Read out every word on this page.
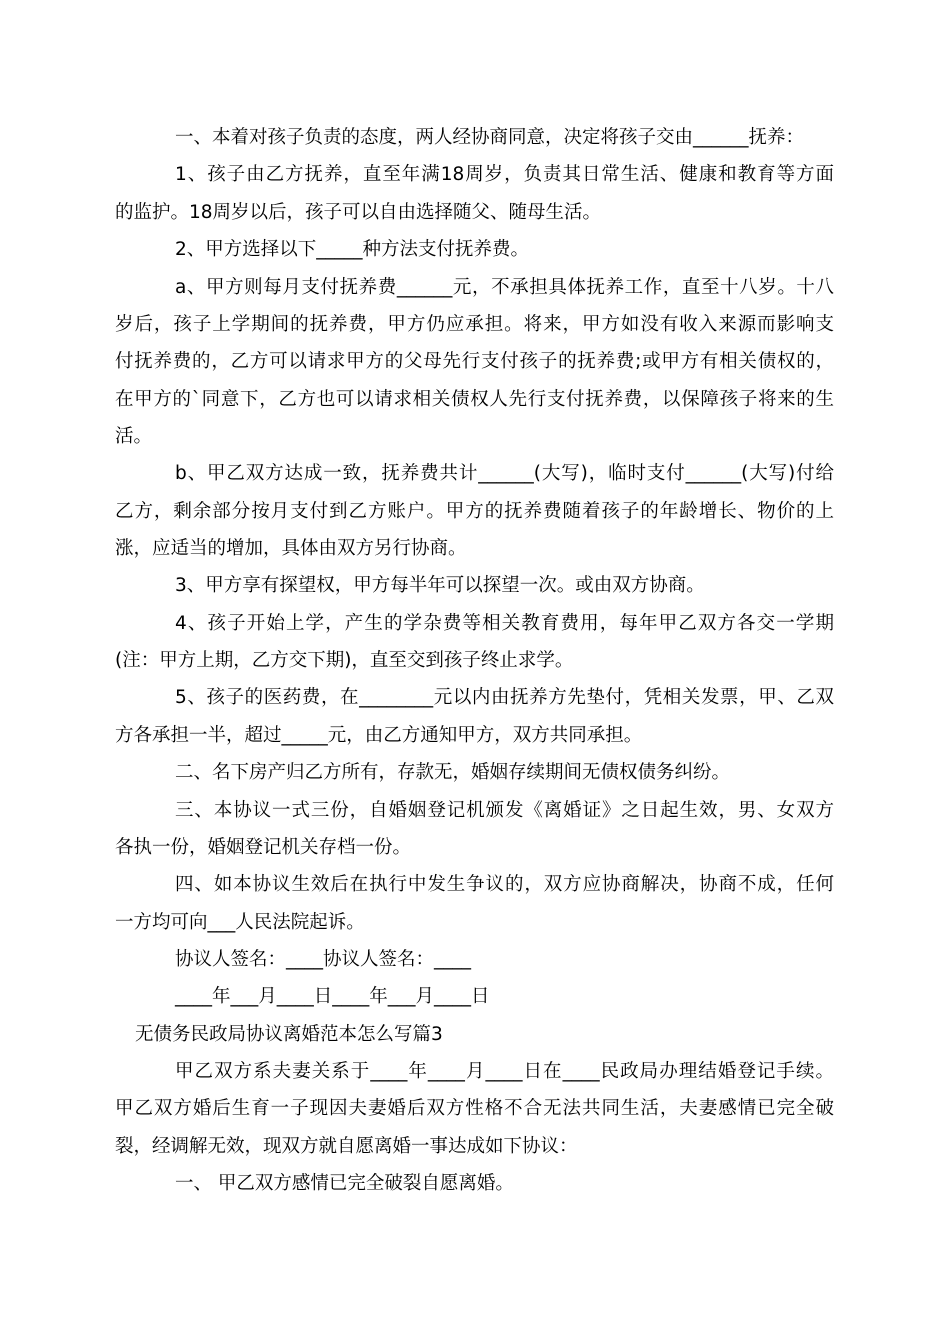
一、本着对孩子负责的态度，两人经协商同意，决定将孩子交由______抚养：
1、孩子由乙方抚养，直至年满18周岁，负责其日常生活、健康和教育等方面
的监护。18周岁以后，孩子可以自由选择随父、随母生活。
2、甲方选择以下_____种方法支付抚养费。
a、甲方则每月支付抚养费______元，不承担具体抚养工作，直至十八岁。十八
岁后，孩子上学期间的抚养费，甲方仍应承担。将来，甲方如没有收入来源而影响支
付抚养费的，乙方可以请求甲方的父母先行支付孩子的抚养费;或甲方有相关债权的，
在甲方的`同意下，乙方也可以请求相关债权人先行支付抚养费，以保障孩子将来的生
活。
b、甲乙双方达成一致，抚养费共计______(大写)，临时支付______(大写)付给
乙方，剩余部分按月支付到乙方账户。甲方的抚养费随着孩子的年龄增长、物价的上
涨，应适当的增加，具体由双方另行协商。
3、甲方享有探望权，甲方每半年可以探望一次。或由双方协商。
4、孩子开始上学，产生的学杂费等相关教育费用，每年甲乙双方各交一学期
(注：甲方上期，乙方交下期)，直至交到孩子终止求学。
5、孩子的医药费，在________元以内由抚养方先垫付，凭相关发票，甲、乙双
方各承担一半，超过_____元，由乙方通知甲方，双方共同承担。
二、名下房产归乙方所有，存款无，婚姻存续期间无债权债务纠纷。
三、本协议一式三份，自婚姻登记机颁发《离婚证》之日起生效，男、女双方
各执一份，婚姻登记机关存档一份。
四、如本协议生效后在执行中发生争议的，双方应协商解决，协商不成，任何
一方均可向___人民法院起诉。
协议人签名：____协议人签名：____
____年___月____日____年___月____日
无债务民政局协议离婚范本怎么写篇3
甲乙双方系夫妻关系于____年____月____日在____民政局办理结婚登记手续。
甲乙双方婚后生育一子现因夫妻婚后双方性格不合无法共同生活，夫妻感情已完全破
裂，经调解无效，现双方就自愿离婚一事达成如下协议：
一、 甲乙双方感情已完全破裂自愿离婚。
